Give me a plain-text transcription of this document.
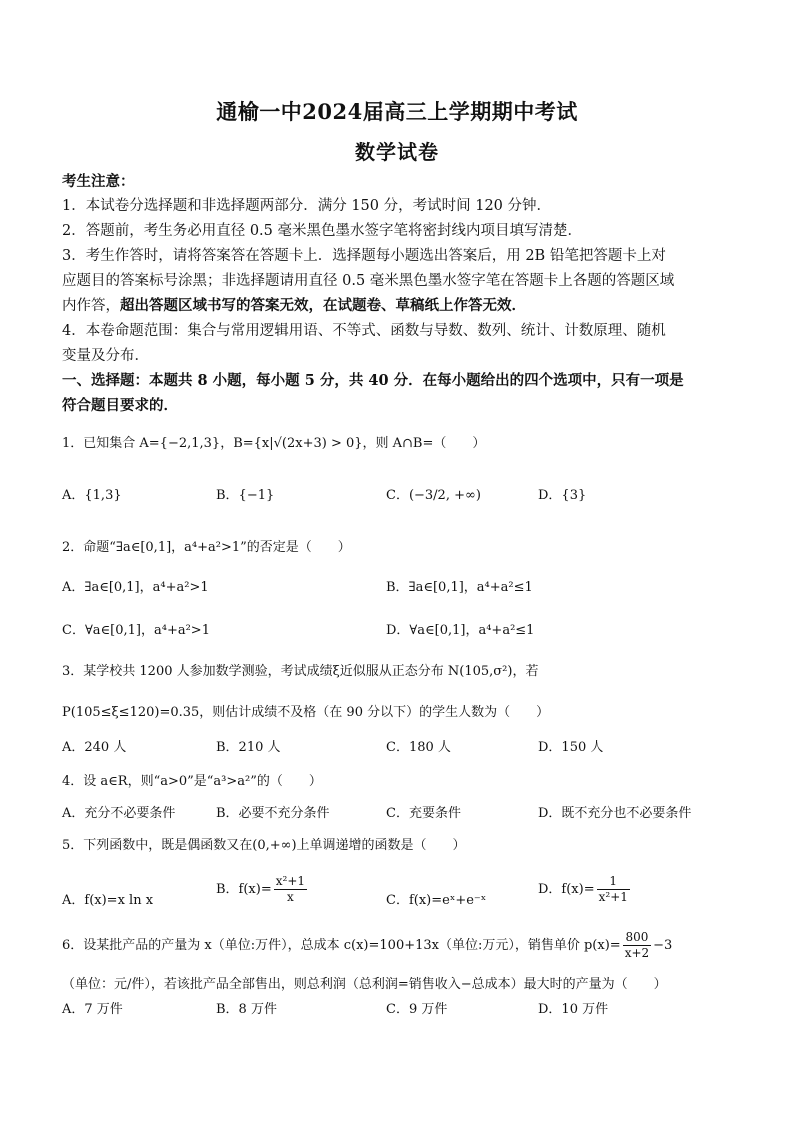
通榆一中2024届高三上学期期中考试
数学试卷
考生注意：
1．本试卷分选择题和非选择题两部分．满分 150 分，考试时间 120 分钟．
2．答题前，考生务必用直径 0.5 毫米黑色墨水签字笔将密封线内项目填写清楚．
3．考生作答时，请将答案答在答题卡上．选择题每小题选出答案后，用 2B 铅笔把答题卡上对
应题目的答案标号涂黑；非选择题请用直径 0.5 毫米黑色墨水签字笔在答题卡上各题的答题区域
内作答，超出答题区域书写的答案无效，在试题卷、草稿纸上作答无效．
4．本卷命题范围：集合与常用逻辑用语、不等式、函数与导数、数列、统计、计数原理、随机
变量及分布．
一、选择题：本题共 8 小题，每小题 5 分，共 40 分．在每小题给出的四个选项中，只有一项是
符合题目要求的．
1．已知集合 A={−2,1,3}，B={x|√(2x+3) > 0}，则 A∩B=（　　）
A．{1,3}	B．{−1}	C．(−3/2, +∞)	D．{3}
2．命题“∃a∈[0,1]，a⁴+a²>1”的否定是（　　）
A．∃a∈[0,1]，a⁴+a²>1	B．∃a∈[0,1]，a⁴+a²≤1
C．∀a∈[0,1]，a⁴+a²>1	D．∀a∈[0,1]，a⁴+a²≤1
3．某学校共 1200 人参加数学测验，考试成绩ξ近似服从正态分布 N(105,σ²)，若
P(105≤ξ≤120)=0.35，则估计成绩不及格（在 90 分以下）的学生人数为（　　）
A．240 人	B．210 人	C．180 人	D．150 人
4．设 a∈R，则“a>0”是“a³>a²”的（　　）
A．充分不必要条件	B．必要不充分条件	C．充要条件	D．既不充分也不必要条件
5．下列函数中，既是偶函数又在(0,+∞)上单调递增的函数是（　　）
A．f(x)=x ln x
B．$f(x)= \frac{\text{x²+1}}{x}$	C．f(x)=eˣ+e⁻ˣ
D．$f(x)= \frac{1}{\text{x²+1}}$
6．设某批产品的产量为 x（单位:万件），总成本 c(x)=100+13x（单位:万元），销售单价 $p(x)= \frac{800}{x+2} -3$
（单位：元/件），若该批产品全部售出，则总利润（总利润=销售收入−总成本）最大时的产量为（　　）
A．7 万件	B．8 万件	C．9 万件	D．10 万件
